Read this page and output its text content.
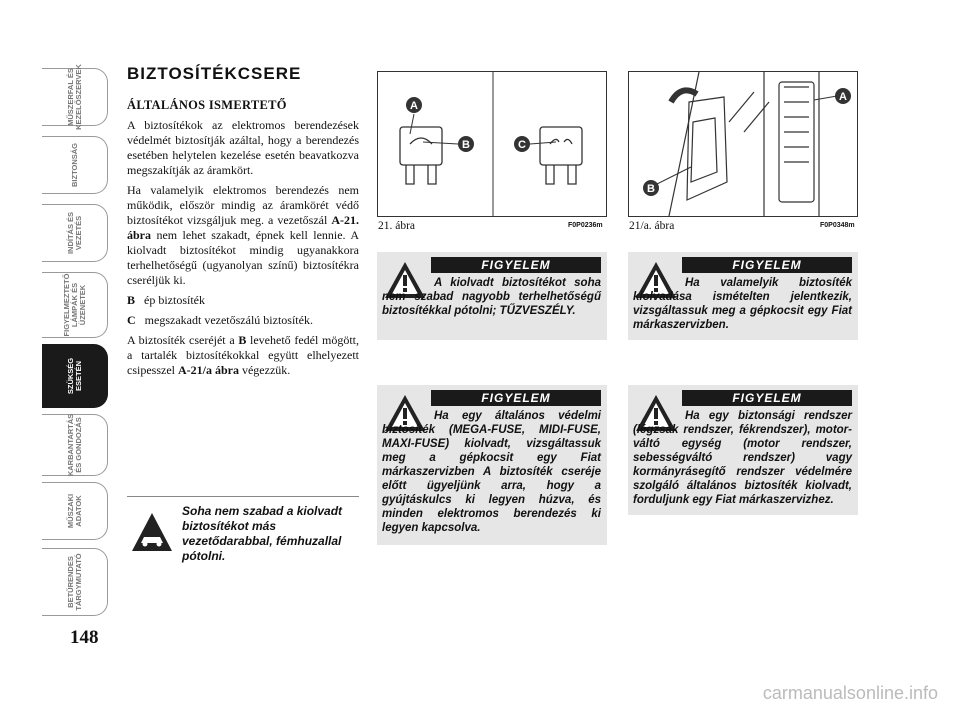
MŰSZERFAL ÉS
KEZELŐSZERVEK
BIZTONSÁG
INDÍTÁS ÉS
VEZETÉS
FIGYELMEZTETŐ
LÁMPÁK ÉS
ÜZENETEK
SZÜKSÉG
ESETÉN
KARBANTARTÁS
ÉS GONDOZÁS
MŰSZAKI
ADATOK
BETŰRENDES
TÁRGYMUTATÓ
148
BIZTOSÍTÉKCSERE
ÁLTALÁNOS ISMERTETŐ

A biztosítékok az elektromos berendezések védelmét biztosítják azáltal, hogy a berendezés esetében helytelen kezelése esetén beavatkozva megszakítják az áramkört.

Ha valamelyik elektromos berendezés nem működik, először mindig az áramkörét védő biztosítékot vizsgáljuk meg. a vezetőszál A-21. ábra nem lehet szakadt, épnek kell lennie. A kiolvadt biztosítékot mindig ugyanakkora terhelhetőségű (ugyanolyan színű) biztosítékra cseréljük ki.

B ép biztosíték

C megszakadt vezetőszálú biztosíték.

A biztosíték cseréjét a B levehető fedél mögött, a tartalék biztosítékokkal együtt elhelyezett csipesszel A-21/a ábra végezzük.

Soha nem szabad a kiolvadt biztosítékot más vezetődarabbal, fémhuzallal pótolni.
A
B	C
21. ábra	F0P0236m
A
B
21/a. ábra	F0P0348m
FIGYELEM
A kiolvadt biztosítékot soha nem szabad nagyobb terhelhetőségű biztosítékkal pótolni; TŰZVESZÉLY.
FIGYELEM
Ha valamelyik biztosíték kiolvadása ismételten jelentkezik, vizsgáltassuk meg a gépkocsit egy Fiat márkaszervizben.
FIGYELEM
Ha egy általános védelmi biztosíték (MEGA-FUSE, MIDI-FUSE, MAXI-FUSE) kiolvadt, vizsgáltassuk meg a gépkocsit egy Fiat márkaszervizben A biztosíték cseréje előtt ügyeljünk arra, hogy a gyújtáskulcs ki legyen húzva, és minden elektromos berendezés ki legyen kapcsolva.
FIGYELEM
Ha egy biztonsági rendszer (légzsák rendszer, fékrendszer), motor-váltó egység (motor rendszer, sebességváltó rendszer) vagy kormányrásegítő rendszer védelmére szolgáló általános biztosíték kiolvadt, forduljunk egy Fiat márkaszervizhez.
carmanualsonline.info
